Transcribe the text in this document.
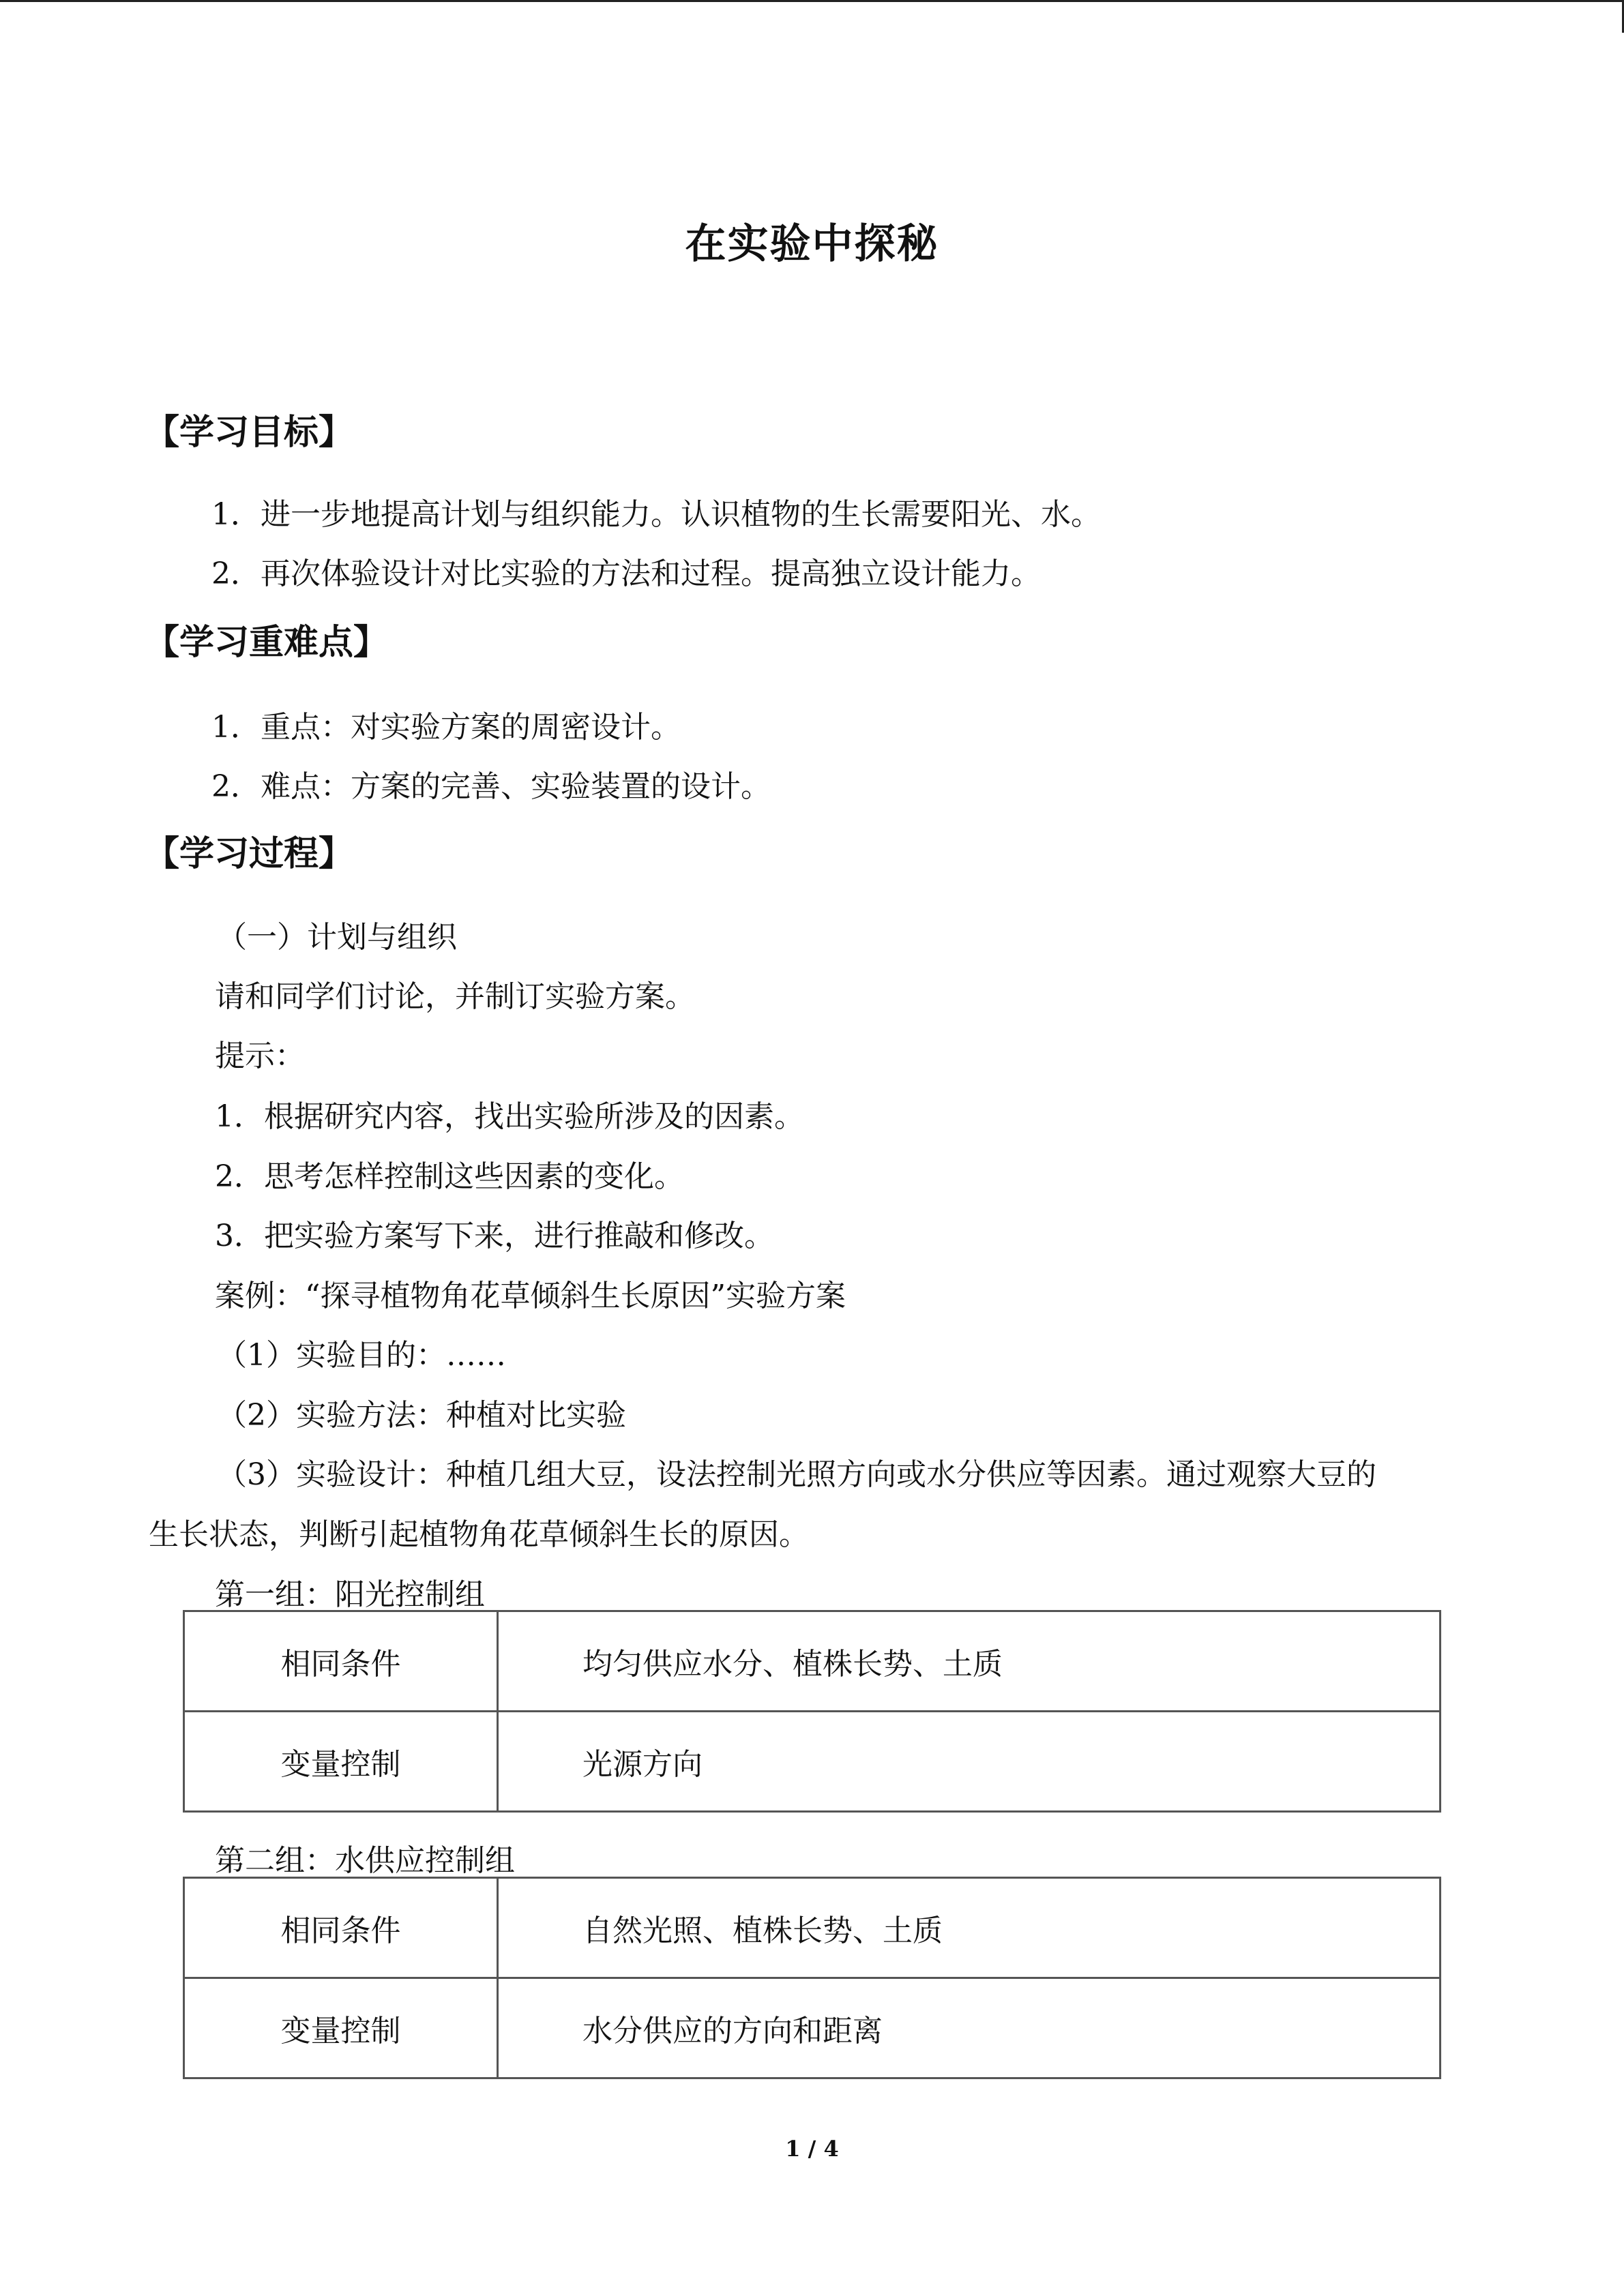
在实验中探秘
【学习目标】
1．进一步地提高计划与组织能力。认识植物的生长需要阳光、水。
2．再次体验设计对比实验的方法和过程。提高独立设计能力。
【学习重难点】
1．重点：对实验方案的周密设计。
2．难点：方案的完善、实验装置的设计。
【学习过程】
（一）计划与组织
请和同学们讨论，并制订实验方案。
提示：
1．根据研究内容，找出实验所涉及的因素。
2．思考怎样控制这些因素的变化。
3．把实验方案写下来，进行推敲和修改。
案例：“探寻植物角花草倾斜生长原因”实验方案
（1）实验目的：……
（2）实验方法：种植对比实验
（3）实验设计：种植几组大豆，设法控制光照方向或水分供应等因素。通过观察大豆的
生长状态，判断引起植物角花草倾斜生长的原因。
第一组：阳光控制组
相同条件	均匀供应水分、植株长势、土质
变量控制	光源方向
第二组：水供应控制组
相同条件	自然光照、植株长势、土质
变量控制	水分供应的方向和距离
1 / 4
